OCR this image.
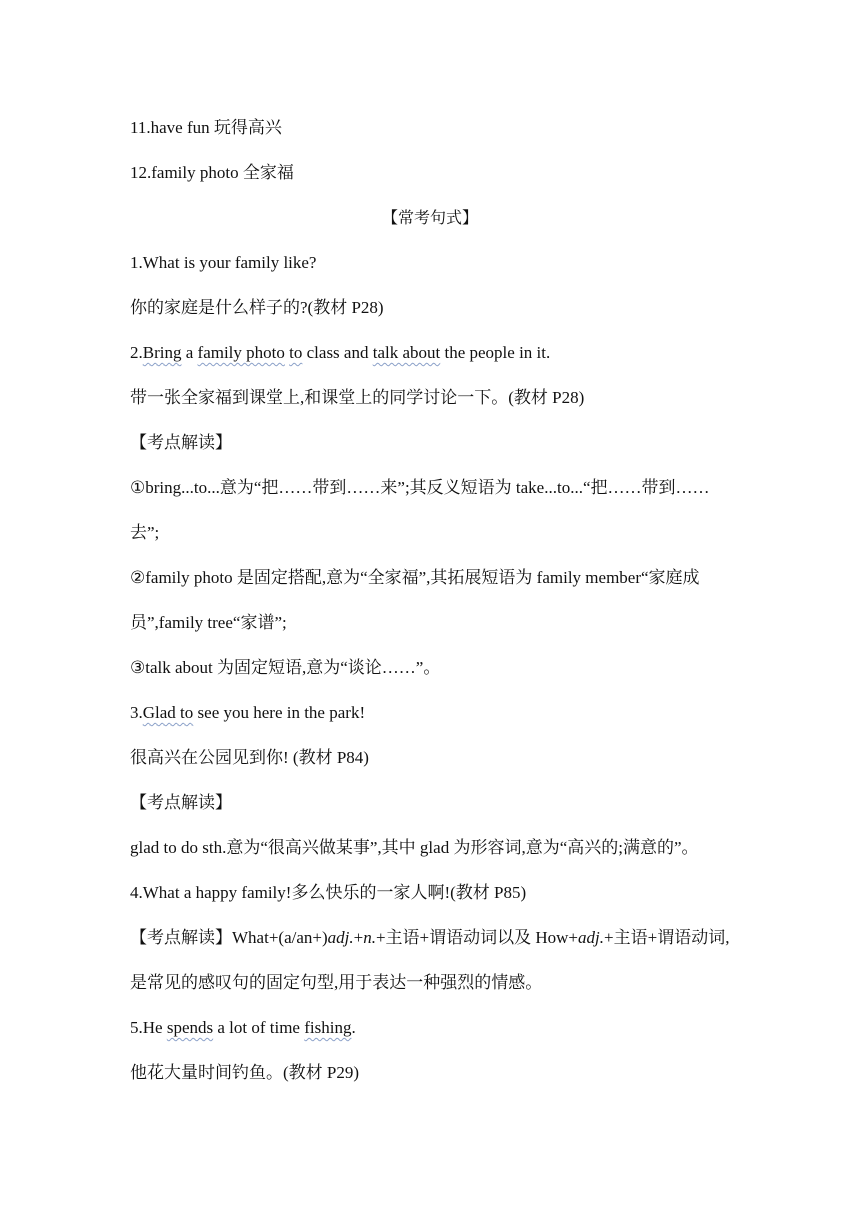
11.have fun 玩得高兴
12.family photo 全家福
【常考句式】
1.What is your family like?
你的家庭是什么样子的?(教材 P28)
2.Bring a family photo to class and talk about the people in it.
带一张全家福到课堂上,和课堂上的同学讨论一下。(教材 P28)
【考点解读】
①bring...to...意为“把……带到……来”;其反义短语为 take...to...“把……带到……
去”;
②family photo 是固定搭配,意为“全家福”,其拓展短语为 family member“家庭成
员”,family tree“家谱”;
③talk about 为固定短语,意为“谈论……”。
3.Glad to see you here in the park!
很高兴在公园见到你! (教材 P84)
【考点解读】
glad to do sth.意为“很高兴做某事”,其中 glad 为形容词,意为“高兴的;满意的”。
4.What a happy family!多么快乐的一家人啊!(教材 P85)
【考点解读】What+(a/an+)adj.+n.+主语+谓语动词以及 How+adj.+主语+谓语动词,
是常见的感叹句的固定句型,用于表达一种强烈的情感。
5.He spends a lot of time fishing.
他花大量时间钓鱼。(教材 P29)
